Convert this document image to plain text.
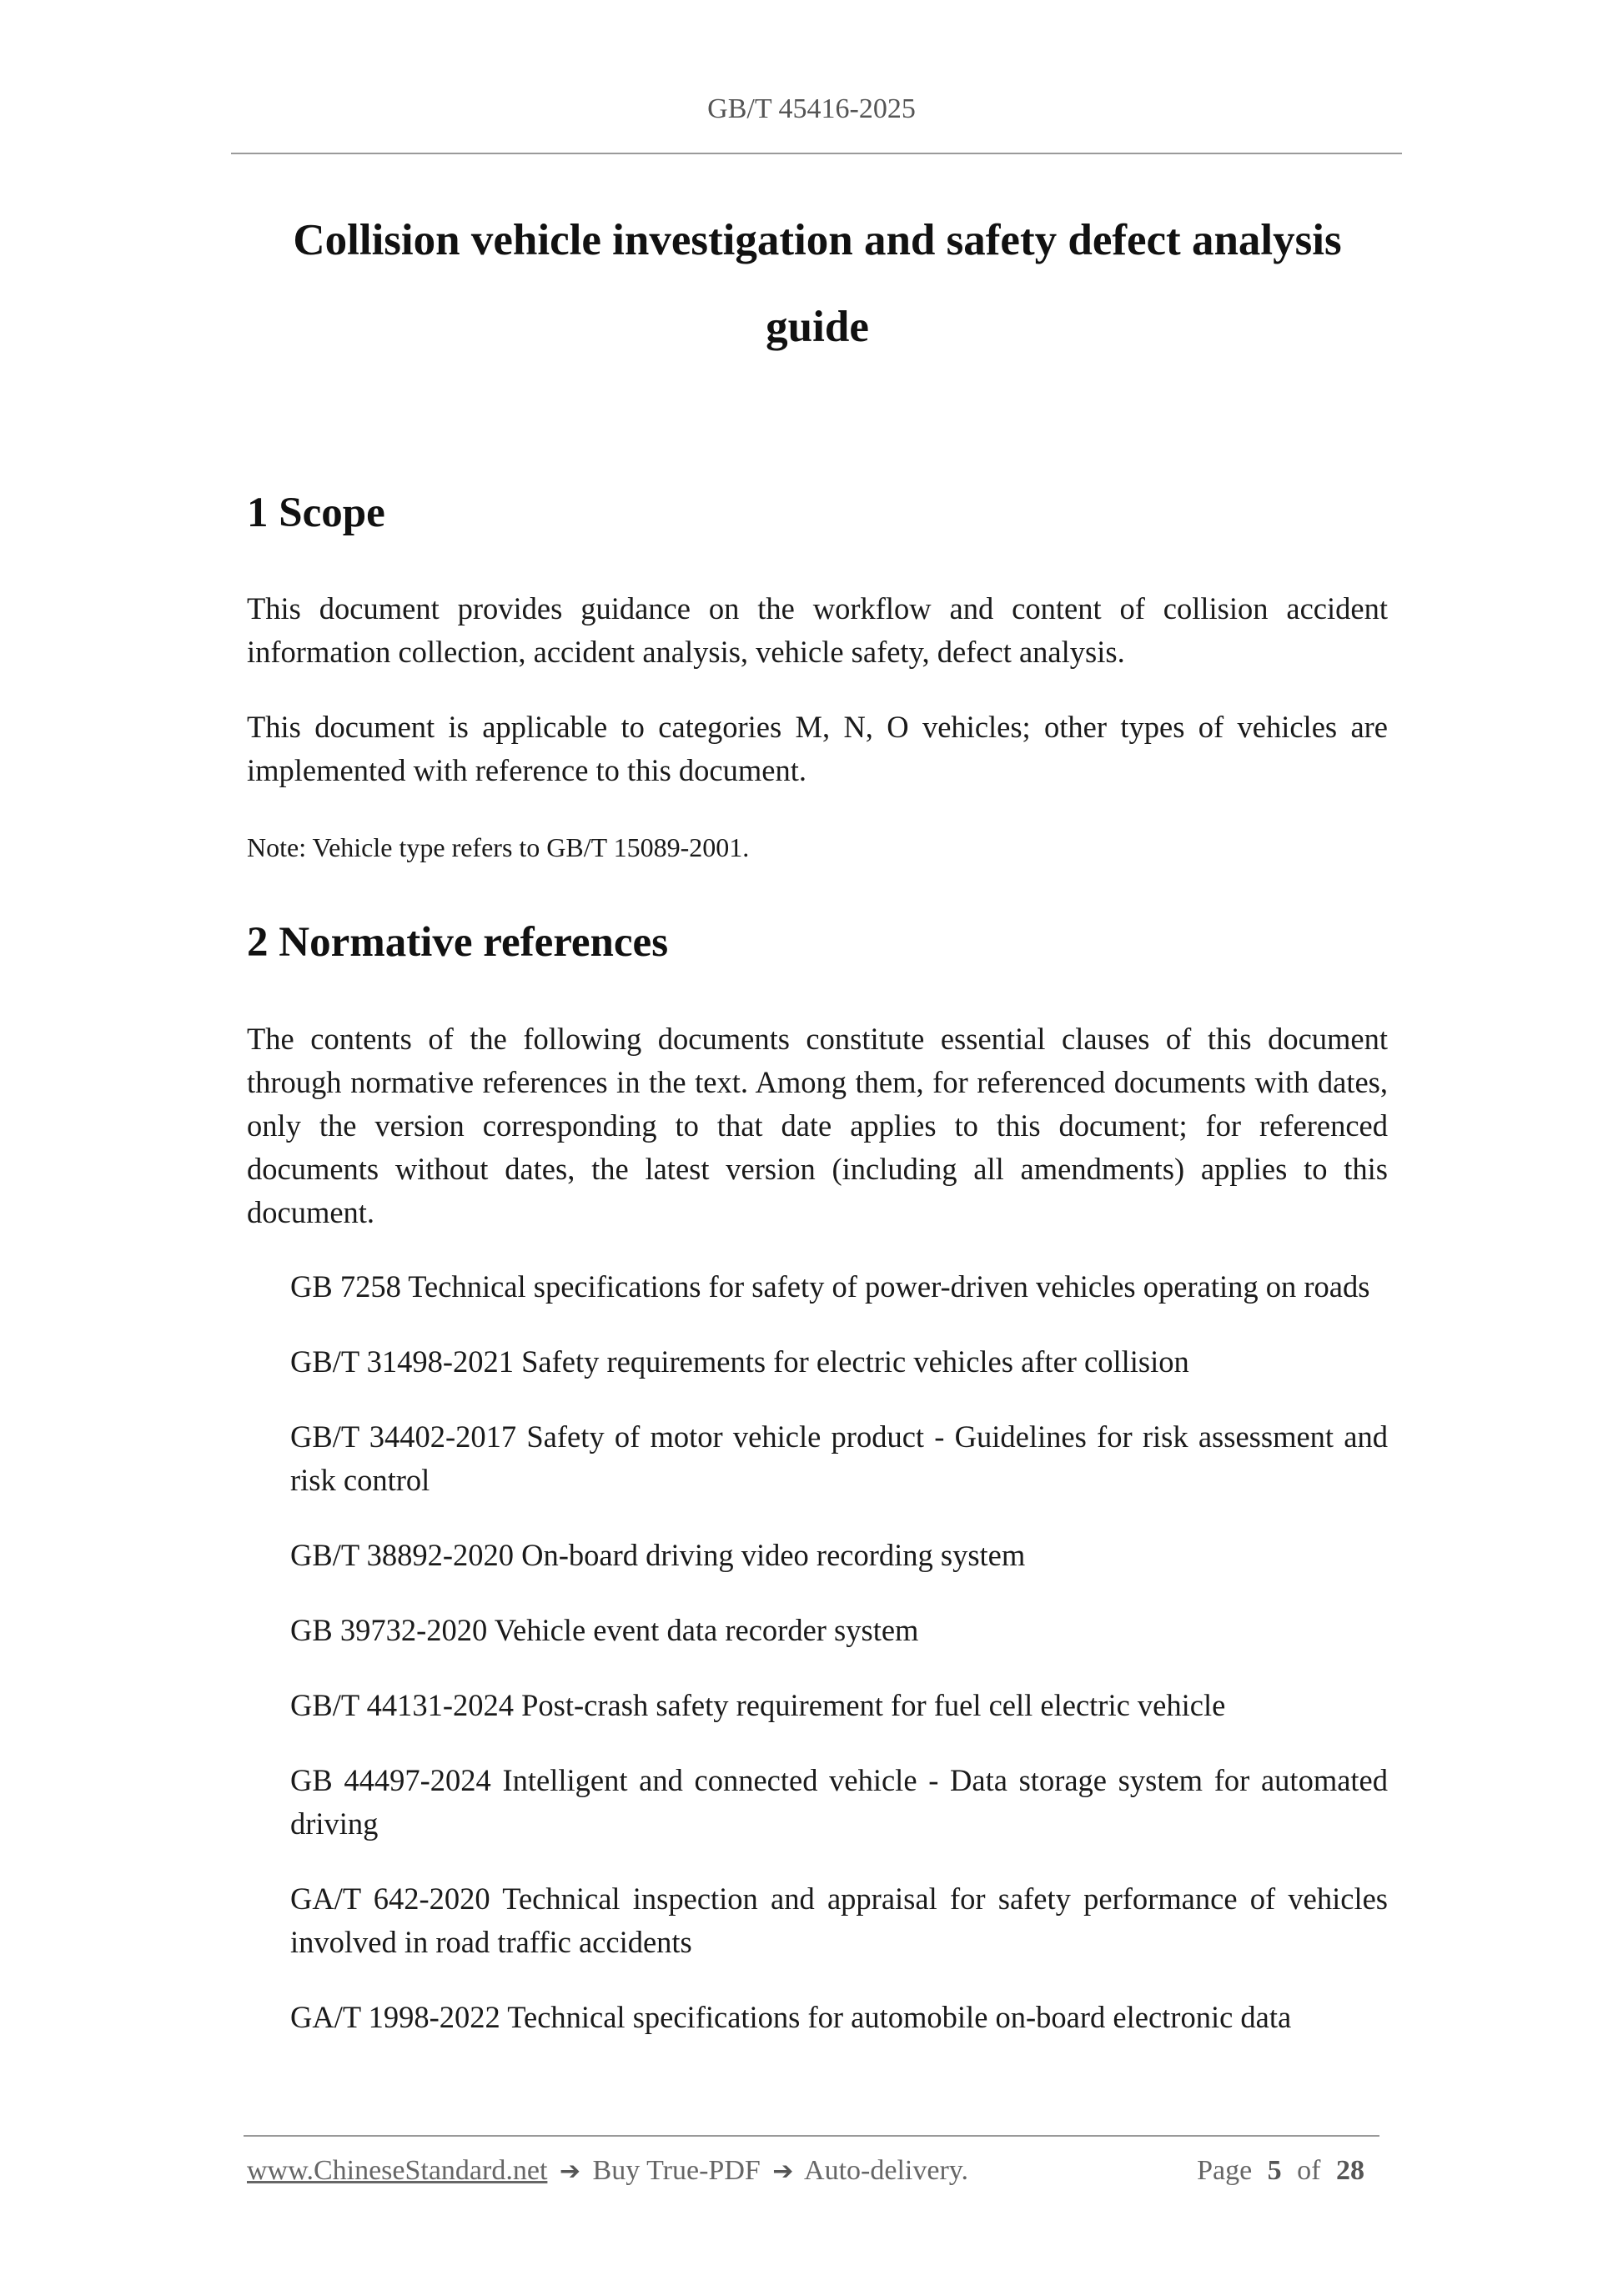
GB/T 45416-2025
Collision vehicle investigation and safety defect analysis guide
1 Scope
This document provides guidance on the workflow and content of collision accident information collection, accident analysis, vehicle safety, defect analysis.
This document is applicable to categories M, N, O vehicles; other types of vehicles are implemented with reference to this document.
Note: Vehicle type refers to GB/T 15089-2001.
2 Normative references
The contents of the following documents constitute essential clauses of this document through normative references in the text. Among them, for referenced documents with dates, only the version corresponding to that date applies to this document; for referenced documents without dates, the latest version (including all amendments) applies to this document.
GB 7258 Technical specifications for safety of power-driven vehicles operating on roads
GB/T 31498-2021 Safety requirements for electric vehicles after collision
GB/T 34402-2017 Safety of motor vehicle product - Guidelines for risk assessment and risk control
GB/T 38892-2020 On-board driving video recording system
GB 39732-2020 Vehicle event data recorder system
GB/T 44131-2024 Post-crash safety requirement for fuel cell electric vehicle
GB 44497-2024 Intelligent and connected vehicle - Data storage system for automated driving
GA/T 642-2020 Technical inspection and appraisal for safety performance of vehicles involved in road traffic accidents
GA/T 1998-2022 Technical specifications for automobile on-board electronic data
www.ChineseStandard.net ➔ Buy True-PDF ➔ Auto-delivery.	Page 5 of 28
